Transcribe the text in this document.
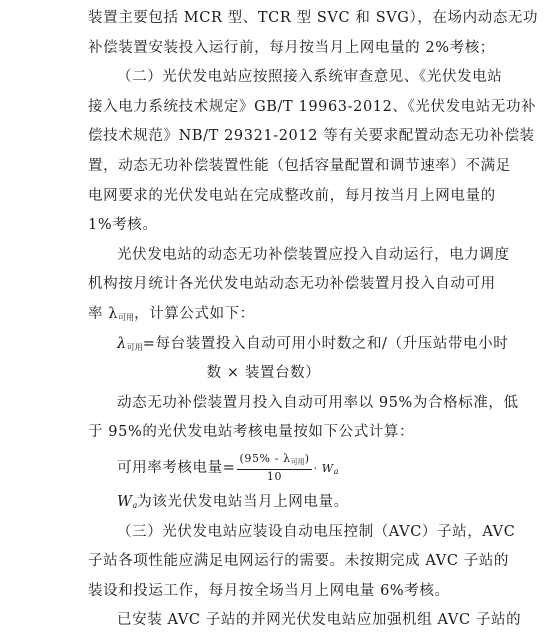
装置主要包括 MCR 型、TCR 型 SVC 和 SVG），在场内动态无功
补偿装置安装投入运行前，每月按当月上网电量的 2%考核；
（二）光伏发电站应按照接入系统审查意见、《光伏发电站
接入电力系统技术规定》GB/T 19963-2012、《光伏发电站无功补
偿技术规范》NB/T 29321-2012 等有关要求配置动态无功补偿装
置，动态无功补偿装置性能（包括容量配置和调节速率）不满足
电网要求的光伏发电站在完成整改前，每月按当月上网电量的
1%考核。
光伏发电站的动态无功补偿装置应投入自动运行，电力调度
机构按月统计各光伏发电站动态无功补偿装置月投入自动可用
率 $\lambda_{可用}$，计算公式如下：
$\lambda_{可用}=$每台装置投入自动可用小时数之和/（升压站带电小时
数 × 装置台数）
动态无功补偿装置月投入自动可用率以 95%为合格标准，低
于 95%的光伏发电站考核电量按如下公式计算：
可用率考核电量= $\frac{(95\% - \lambda_{可用})}{10} \cdot W_a$
$W_a$为该光伏发电站当月上网电量。
（三）光伏发电站应装设自动电压控制（AVC）子站，AVC
子站各项性能应满足电网运行的需要。未按期完成 AVC 子站的
装设和投运工作，每月按全场当月上网电量 6%考核。
已安装 AVC 子站的并网光伏发电站应加强机组 AVC 子站的
